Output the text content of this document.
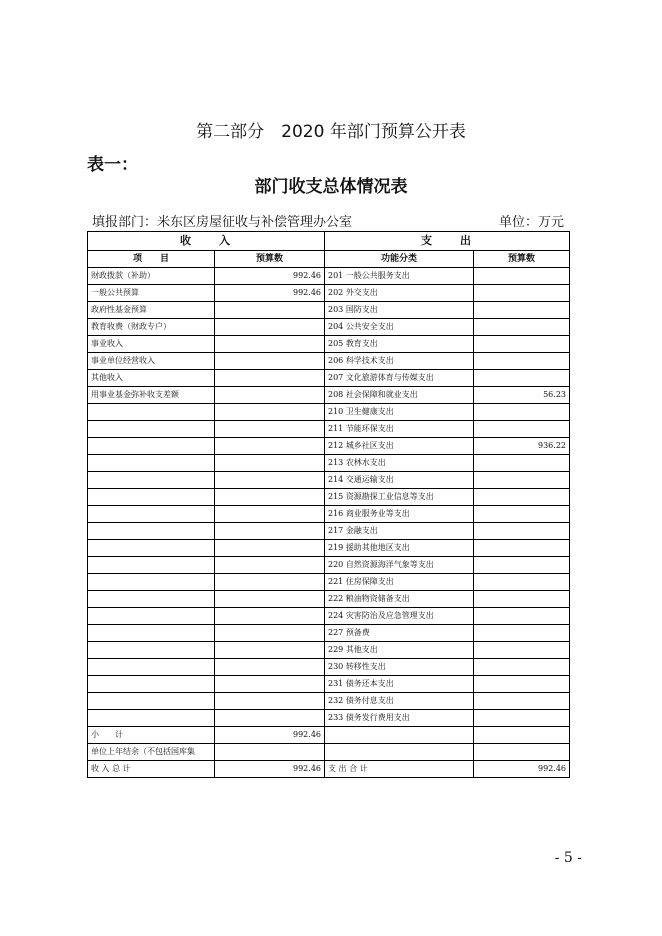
第二部分　2020 年部门预算公开表
表一：
部门收支总体情况表
填报部门：米东区房屋征收与补偿管理办公室	单位：万元
收　　入		支　　出	
项　　目	预算数	功能分类	预算数
财政拨款（补助）	992.46	201 一般公共服务支出	
一般公共预算	992.46	202 外交支出	
政府性基金预算		203 国防支出	
教育收费（财政专户）		204 公共安全支出	
事业收入		205 教育支出	
事业单位经营收入		206 科学技术支出	
其他收入		207 文化旅游体育与传媒支出	
用事业基金弥补收支差额		208 社会保障和就业支出	56.23
		210 卫生健康支出	
		211 节能环保支出	
		212 城乡社区支出	936.22
		213 农林水支出	
		214 交通运输支出	
		215 资源勘探工业信息等支出	
		216 商业服务业等支出	
		217 金融支出	
		219 援助其他地区支出	
		220 自然资源海洋气象等支出	
		221 住房保障支出	
		222 粮油物资储备支出	
		224 灾害防治及应急管理支出	
		227 预备费	
		229 其他支出	
		230 转移性支出	
		231 债务还本支出	
		232 债务付息支出	
		233 债务发行费用支出	
小　　计	992.46		
单位上年结余（不包括国库集			
收 入 总 计	992.46	支 出 合 计	992.46
- 5 -
